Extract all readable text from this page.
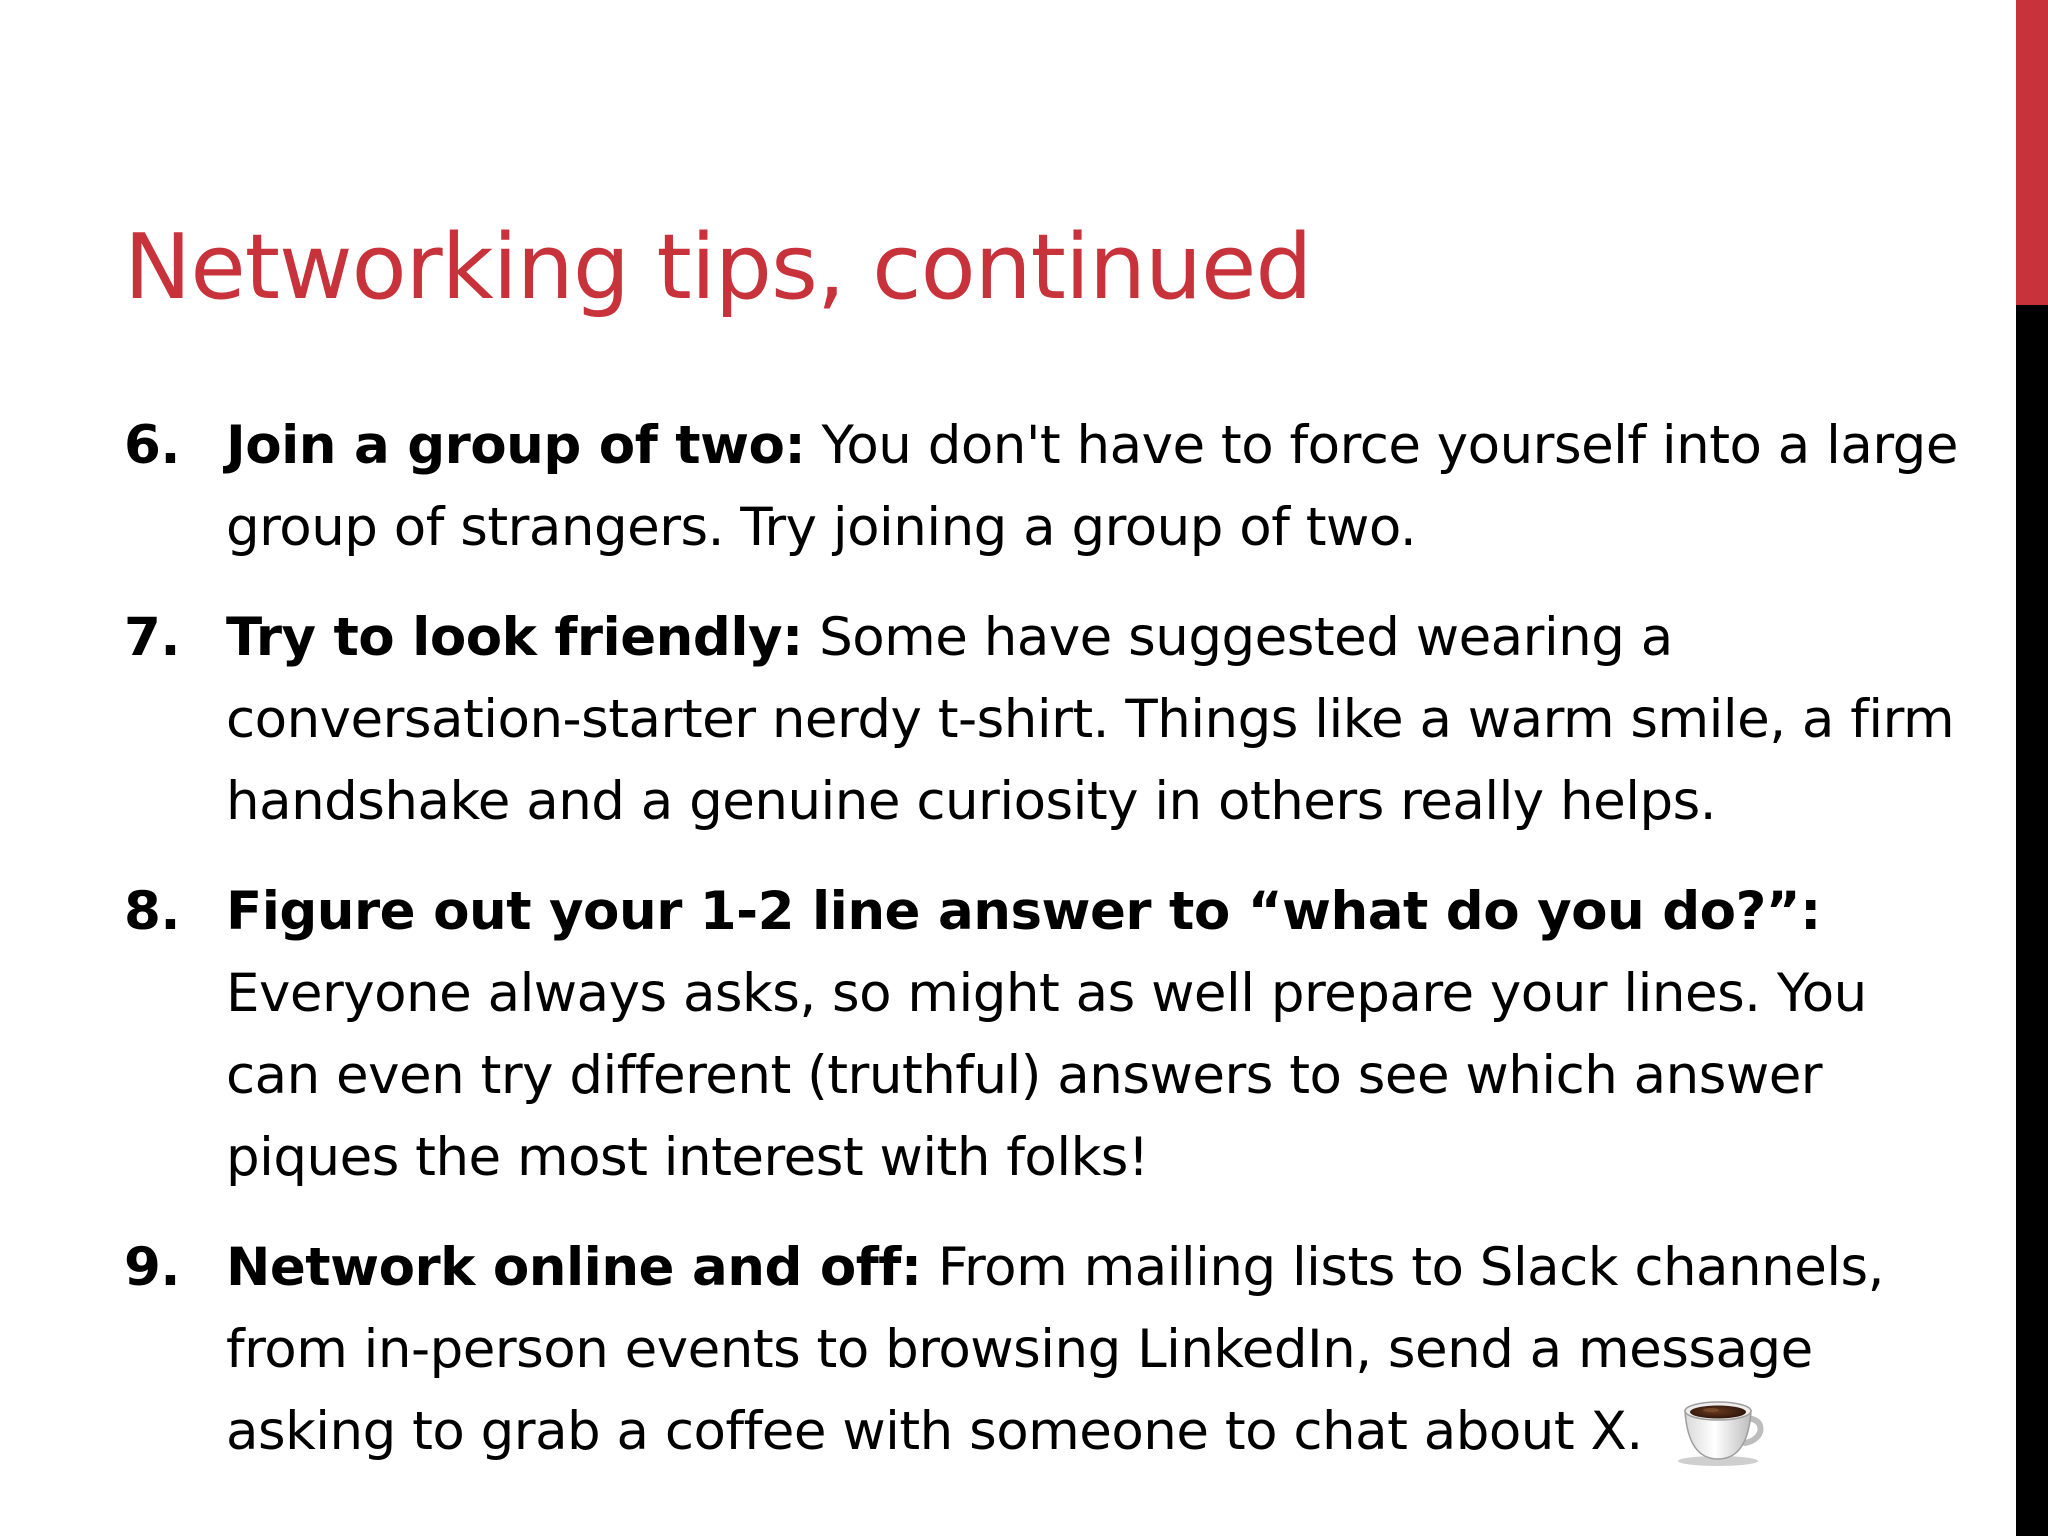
Networking tips, continued
6. Join a group of two: You don't have to force yourself into a large group of strangers. Try joining a group of two.
7. Try to look friendly: Some have suggested wearing a conversation-starter nerdy t-shirt. Things like a warm smile, a firm handshake and a genuine curiosity in others really helps.
8. Figure out your 1-2 line answer to “what do you do?”: Everyone always asks, so might as well prepare your lines. You can even try different (truthful) answers to see which answer piques the most interest with folks!
9. Network online and off: From mailing lists to Slack channels, from in-person events to browsing LinkedIn, send a message asking to grab a coffee with someone to chat about X.
